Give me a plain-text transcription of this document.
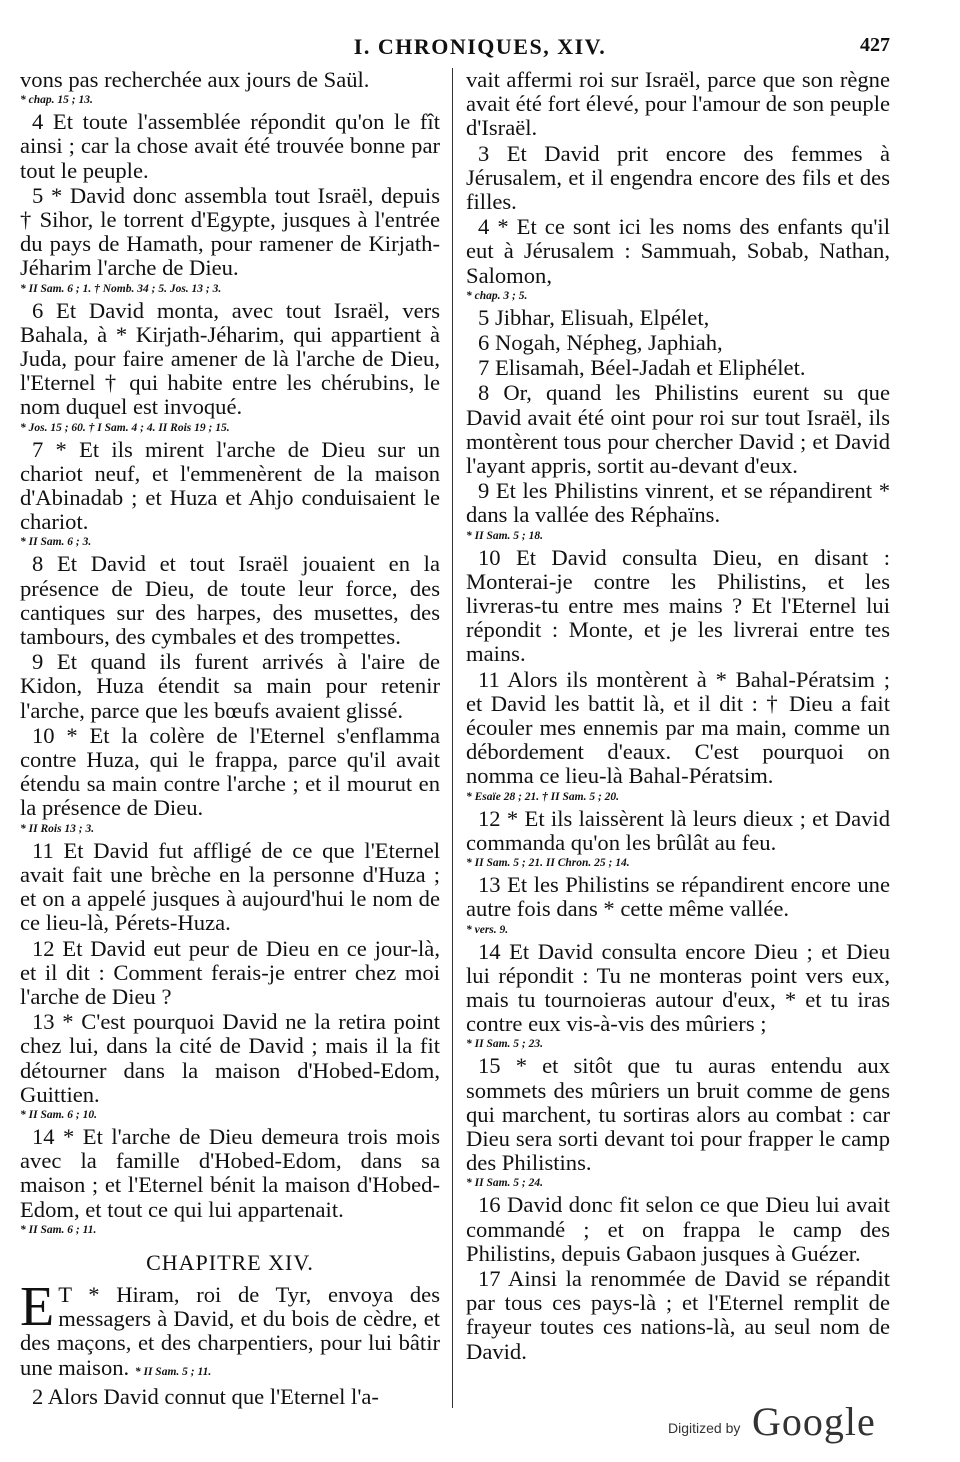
I. CHRONIQUES, XIV.	427

vons pas recherchée aux jours de Saül.

* chap. 15 ; 13.

4 Et toute l'assemblée répondit qu'on le fît ainsi ; car la chose avait été trouvée bonne par tout le peuple.

5 * David donc assembla tout Israël, depuis † Sihor, le torrent d'Egypte, jusques à l'entrée du pays de Hamath, pour ramener de Kirjath-Jéharim l'arche de Dieu.

* II Sam. 6 ; 1. † Nomb. 34 ; 5. Jos. 13 ; 3.

6 Et David monta, avec tout Israël, vers Bahala, à * Kirjath-Jéharim, qui appartient à Juda, pour faire amener de là l'arche de Dieu, l'Eternel † qui habite entre les chérubins, le nom duquel est invoqué.

* Jos. 15 ; 60. † I Sam. 4 ; 4. II Rois 19 ; 15.

7 * Et ils mirent l'arche de Dieu sur un chariot neuf, et l'emmenèrent de la maison d'Abinadab ; et Huza et Ahjo conduisaient le chariot.

* II Sam. 6 ; 3.

8 Et David et tout Israël jouaient en la présence de Dieu, de toute leur force, des cantiques sur des harpes, des musettes, des tambours, des cymbales et des trompettes.

9 Et quand ils furent arrivés à l'aire de Kidon, Huza étendit sa main pour retenir l'arche, parce que les bœufs avaient glissé.

10 * Et la colère de l'Eternel s'enflamma contre Huza, qui le frappa, parce qu'il avait étendu sa main contre l'arche ; et il mourut en la présence de Dieu.

* II Rois 13 ; 3.

11 Et David fut affligé de ce que l'Eternel avait fait une brèche en la personne d'Huza ; et on a appelé jusques à aujourd'hui le nom de ce lieu-là, Pérets-Huza.

12 Et David eut peur de Dieu en ce jour-là, et il dit : Comment ferais-je entrer chez moi l'arche de Dieu ?

13 * C'est pourquoi David ne la retira point chez lui, dans la cité de David ; mais il la fit détourner dans la maison d'Hobed-Edom, Guittien.

* II Sam. 6 ; 10.

14 * Et l'arche de Dieu demeura trois mois avec la famille d'Hobed-Edom, dans sa maison ; et l'Eternel bénit la maison d'Hobed-Edom, et tout ce qui lui appartenait.

* II Sam. 6 ; 11.
CHAPITRE XIV.

E T * Hiram, roi de Tyr, envoya des messagers à David, et du bois de cèdre, et des maçons, et des charpentiers, pour lui bâtir une maison. * II Sam. 5 ; 11.

2 Alors David connut que l'Eternel l'a-

vait affermi roi sur Israël, parce que son règne avait été fort élevé, pour l'amour de son peuple d'Israël.

3 Et David prit encore des femmes à Jérusalem, et il engendra encore des fils et des filles.

4 * Et ce sont ici les noms des enfants qu'il eut à Jérusalem : Sammuah, Sobab, Nathan, Salomon,

* chap. 3 ; 5.

5 Jibhar, Elisuah, Elpélet,

6 Nogah, Népheg, Japhiah,

7 Elisamah, Béel-Jadah et Eliphélet.

8 Or, quand les Philistins eurent su que David avait été oint pour roi sur tout Israël, ils montèrent tous pour chercher David ; et David l'ayant appris, sortit au-devant d'eux.

9 Et les Philistins vinrent, et se répandirent * dans la vallée des Réphaïns.

* II Sam. 5 ; 18.

10 Et David consulta Dieu, en disant : Monterai-je contre les Philistins, et les livreras-tu entre mes mains ? Et l'Eternel lui répondit : Monte, et je les livrerai entre tes mains.

11 Alors ils montèrent à * Bahal-Pératsim ; et David les battit là, et il dit : † Dieu a fait écouler mes ennemis par ma main, comme un débordement d'eaux. C'est pourquoi on nomma ce lieu-là Bahal-Pératsim.

* Esaïe 28 ; 21. † II Sam. 5 ; 20.

12 * Et ils laissèrent là leurs dieux ; et David commanda qu'on les brûlât au feu.

* II Sam. 5 ; 21. II Chron. 25 ; 14.

13 Et les Philistins se répandirent encore une autre fois dans * cette même vallée.

* vers. 9.

14 Et David consulta encore Dieu ; et Dieu lui répondit : Tu ne monteras point vers eux, mais tu tournoieras autour d'eux, * et tu iras contre eux vis-à-vis des mûriers ;

* II Sam. 5 ; 23.

15 * et sitôt que tu auras entendu aux sommets des mûriers un bruit comme de gens qui marchent, tu sortiras alors au combat : car Dieu sera sorti devant toi pour frapper le camp des Philistins.

* II Sam. 5 ; 24.

16 David donc fit selon ce que Dieu lui avait commandé ; et on frappa le camp des Philistins, depuis Gabaon jusques à Guézer.

17 Ainsi la renommée de David se répandit par tous ces pays-là ; et l'Eternel remplit de frayeur toutes ces nations-là, au seul nom de David.

Digitized by Google
